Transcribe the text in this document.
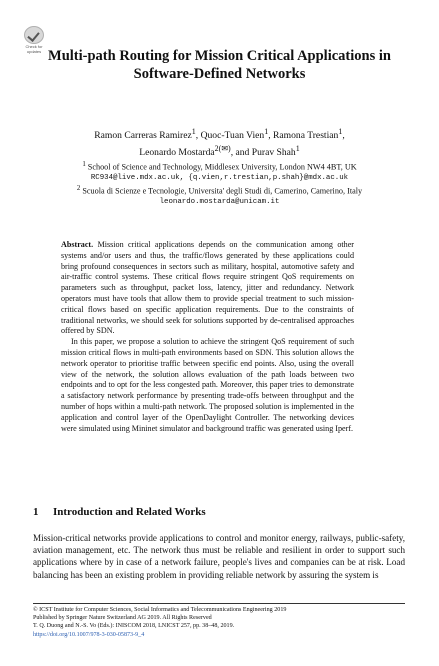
Check for updates Multi-path Routing for Mission Critical Applications in Software-Defined Networks
Ramon Carreras Ramirez$^1$, Quoc-Tuan Vien$^1$, Ramona Trestian$^1$,
Leonardo Mostarda$^{2(✉)}$, and Purav Shah$^1$
$^1$ School of Science and Technology, Middlesex University, London NW4 4BT, UK
RC934@live.mdx.ac.uk, {q.vien,r.trestian,p.shah}@mdx.ac.uk
$^2$ Scuola di Scienze e Tecnologie, Universita' degli Studi di, Camerino, Camerino, Italy
leonardo.mostarda@unicam.it

Abstract. Mission critical applications depends on the communication among other systems and/or users and thus, the traffic/flows generated by these applications could bring profound consequences in sectors such as military, hospital, automotive safety and air-traffic control systems. These critical flows require stringent QoS requirements on parameters such as throughput, packet loss, latency, jitter and redundancy. Network operators must have tools that allow them to provide special treatment to such mission-critical flows based on specific application requirements. Due to the constraints of traditional networks, we should seek for solutions supported by de-centralised approaches offered by SDN.

In this paper, we propose a solution to achieve the stringent QoS requirement of such mission critical flows in multi-path environments based on SDN. This solution allows the network operator to prioritise traffic between specific end points. Also, using the overall view of the network, the solution allows evaluation of the path loads between two endpoints and to opt for the less congested path. Moreover, this paper tries to demonstrate a satisfactory network performance by presenting trade-offs between throughput and the number of hops within a multi-path network. The proposed solution is implemented in the application and control layer of the OpenDaylight Controller. The networking devices were simulated using Mininet simulator and background traffic was generated using Iperf.

1 Introduction and Related Works
Mission-critical networks provide applications to control and monitor energy, railways, public-safety, aviation management, etc. The network thus must be reliable and resilient in order to support such applications where by in case of a network failure, people's lives and companies can be at risk. Load balancing has been an existing problem in providing reliable network by assuring the system is
© ICST Institute for Computer Sciences, Social Informatics and Telecommunications Engineering 2019
Published by Springer Nature Switzerland AG 2019. All Rights Reserved
T. Q. Duong and N.-S. Vo (Eds.): INISCOM 2018, LNICST 257, pp. 38–48, 2019.
https://doi.org/10.1007/978-3-030-05873-9_4
